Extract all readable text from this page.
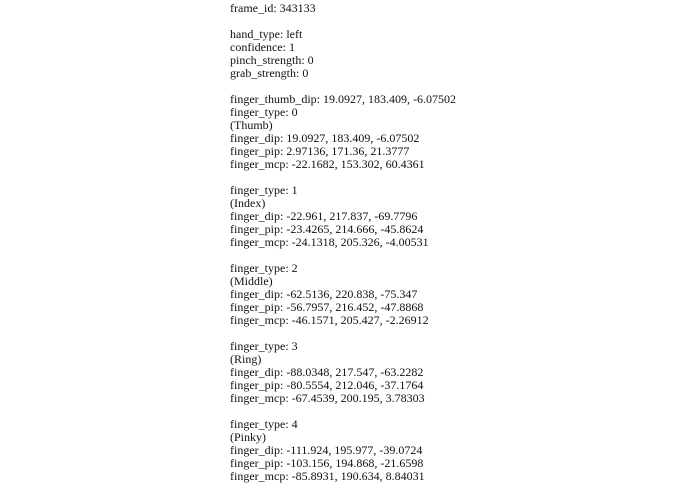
frame_id: 343133
hand_type: left
confidence: 1
pinch_strength: 0
grab_strength: 0
finger_thumb_dip: 19.0927, 183.409, -6.07502
finger_type: 0
(Thumb)
finger_dip: 19.0927, 183.409, -6.07502
finger_pip: 2.97136, 171.36, 21.3777
finger_mcp: -22.1682, 153.302, 60.4361
finger_type: 1
(Index)
finger_dip: -22.961, 217.837, -69.7796
finger_pip: -23.4265, 214.666, -45.8624
finger_mcp: -24.1318, 205.326, -4.00531
finger_type: 2
(Middle)
finger_dip: -62.5136, 220.838, -75.347
finger_pip: -56.7957, 216.452, -47.8868
finger_mcp: -46.1571, 205.427, -2.26912
finger_type: 3
(Ring)
finger_dip: -88.0348, 217.547, -63.2282
finger_pip: -80.5554, 212.046, -37.1764
finger_mcp: -67.4539, 200.195, 3.78303
finger_type: 4
(Pinky)
finger_dip: -111.924, 195.977, -39.0724
finger_pip: -103.156, 194.868, -21.6598
finger_mcp: -85.8931, 190.634, 8.84031
